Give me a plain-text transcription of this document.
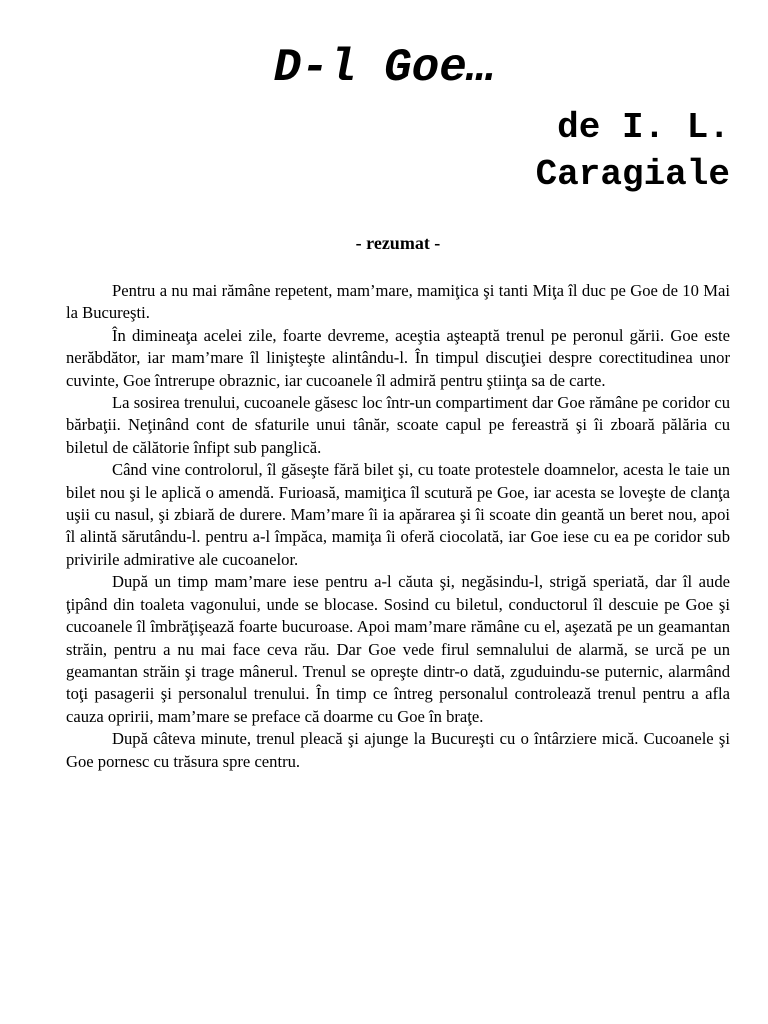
D-l Goe…
de I. L.
Caragiale
- rezumat -

Pentru a nu mai rămâne repetent, mam’mare, mamiţica şi tanti Miţa îl duc pe Goe de 10 Mai la Bucureşti.

În dimineaţa acelei zile, foarte devreme, aceştia aşteaptă trenul pe peronul gării. Goe este nerăbdător, iar mam’mare îl linişteşte alintându-l. În timpul discuţiei despre corectitudinea unor cuvinte, Goe întrerupe obraznic, iar cucoanele îl admiră pentru ştiinţa sa de carte.

La sosirea trenului, cucoanele găsesc loc într-un compartiment dar Goe rămâne pe coridor cu bărbaţii. Neţinând cont de sfaturile unui tânăr, scoate capul pe fereastră şi îi zboară pălăria cu biletul de călătorie înfipt sub panglică.

Când vine controlorul, îl găseşte fără bilet şi, cu toate protestele doamnelor, acesta le taie un bilet nou şi le aplică o amendă. Furioasă, mamiţica îl scutură pe Goe, iar acesta se loveşte de clanţa uşii cu nasul, şi zbiară de durere. Mam’mare îi ia apărarea şi îi scoate din geantă un beret nou, apoi îl alintă sărutându-l. pentru a-l împăca, mamiţa îi oferă ciocolată, iar Goe iese cu ea pe coridor sub privirile admirative ale cucoanelor.

După un timp mam’mare iese pentru a-l căuta şi, negăsindu-l, strigă speriată, dar îl aude ţipând din toaleta vagonului, unde se blocase. Sosind cu biletul, conductorul îl descuie pe Goe şi cucoanele îl îmbrăţişează foarte bucuroase. Apoi mam’mare rămâne cu el, aşezată pe un geamantan străin, pentru a nu mai face ceva rău. Dar Goe vede firul semnalului de alarmă, se urcă pe un geamantan străin şi trage mânerul. Trenul se opreşte dintr-o dată, zguduindu-se puternic, alarmând toţi pasagerii şi personalul trenului. În timp ce întreg personalul controlează trenul pentru a afla cauza opririi, mam’mare se preface că doarme cu Goe în braţe.

După câteva minute, trenul pleacă şi ajunge la Bucureşti cu o întârziere mică. Cucoanele şi Goe pornesc cu trăsura spre centru.
